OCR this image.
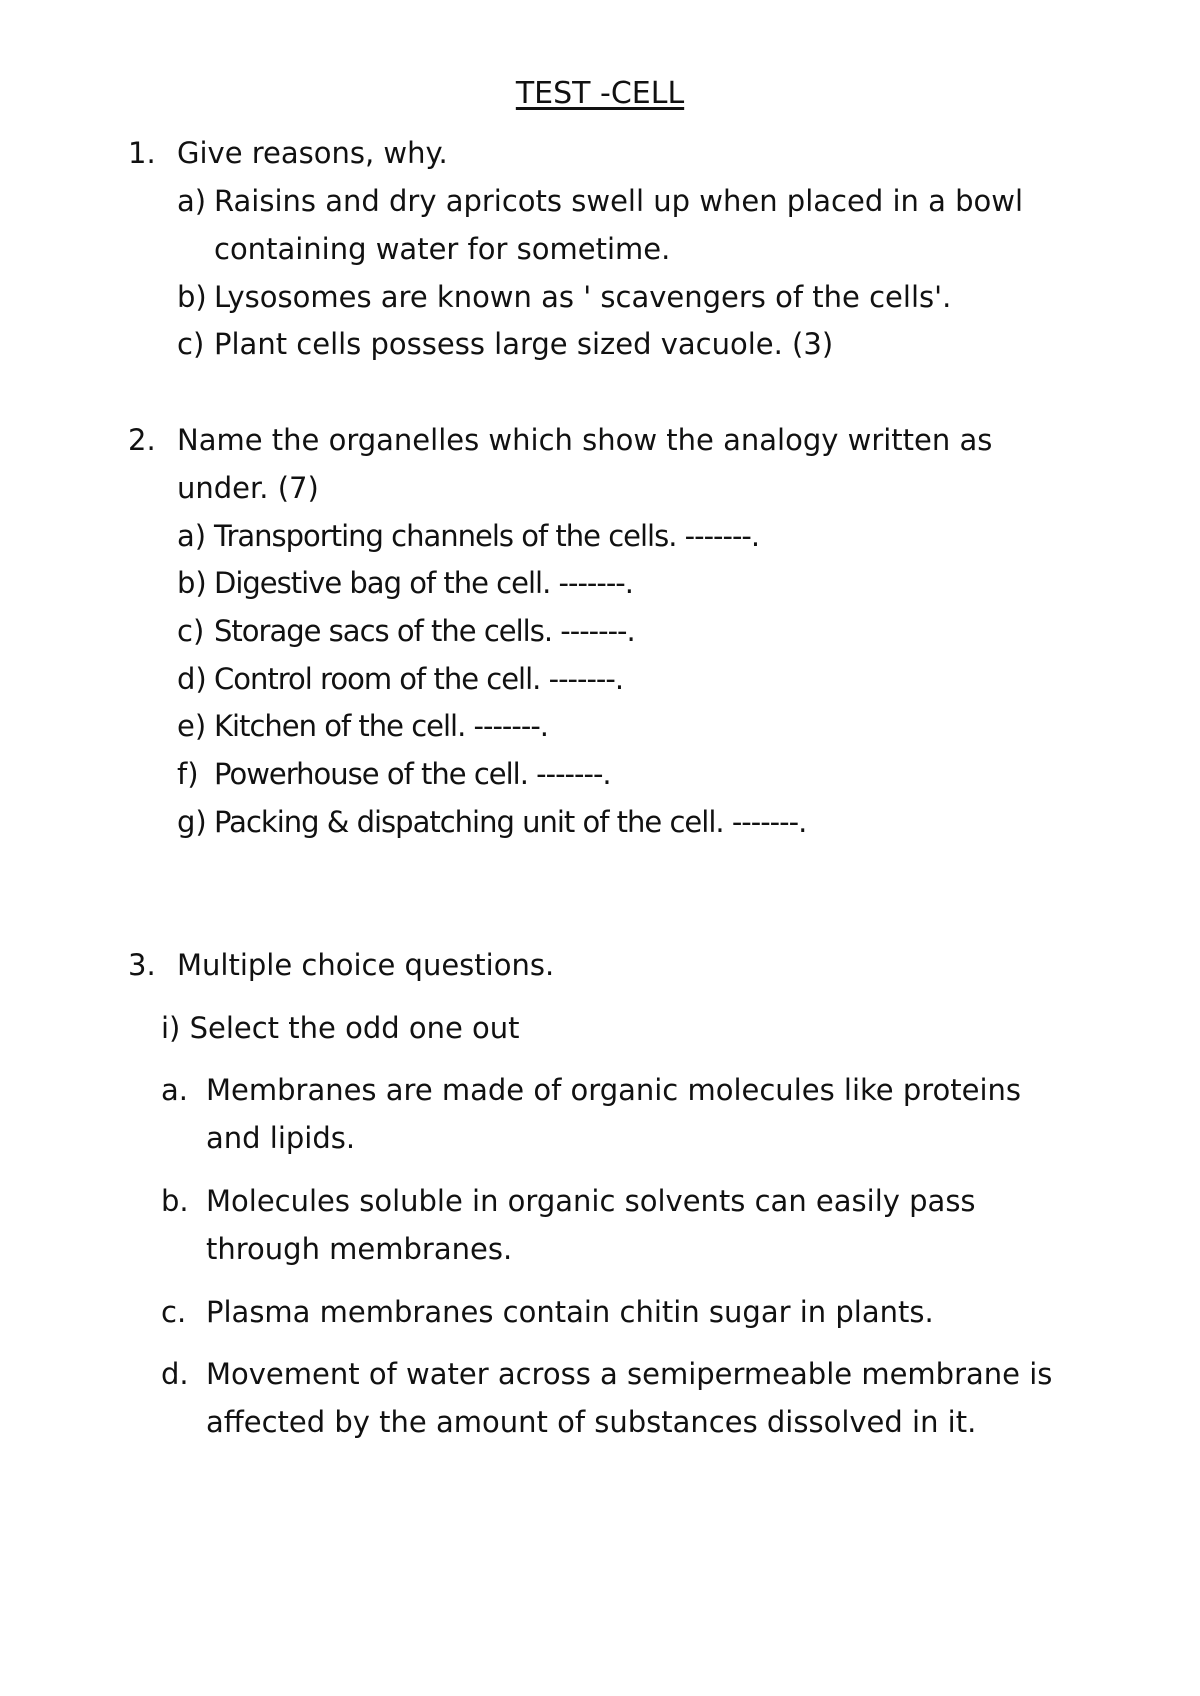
TEST -CELL
1. Give reasons, why.
a) Raisins and dry apricots swell up when placed in a bowl
containing water for sometime.
b) Lysosomes are known as ' scavengers of the cells'.
c) Plant cells possess large sized vacuole. (3)
2. Name the organelles which show the analogy written as
under. (7)
a) Transporting channels of the cells. -------.
b) Digestive bag of the cell. -------.
c) Storage sacs of the cells. -------.
d) Control room of the cell. -------.
e) Kitchen of the cell. -------.
f) Powerhouse of the cell. -------.
g) Packing & dispatching unit of the cell. -------.
3. Multiple choice questions.
i) Select the odd one out
a. Membranes are made of organic molecules like proteins
and lipids.
b. Molecules soluble in organic solvents can easily pass
through membranes.
c. Plasma membranes contain chitin sugar in plants.
d. Movement of water across a semipermeable membrane is
affected by the amount of substances dissolved in it.
